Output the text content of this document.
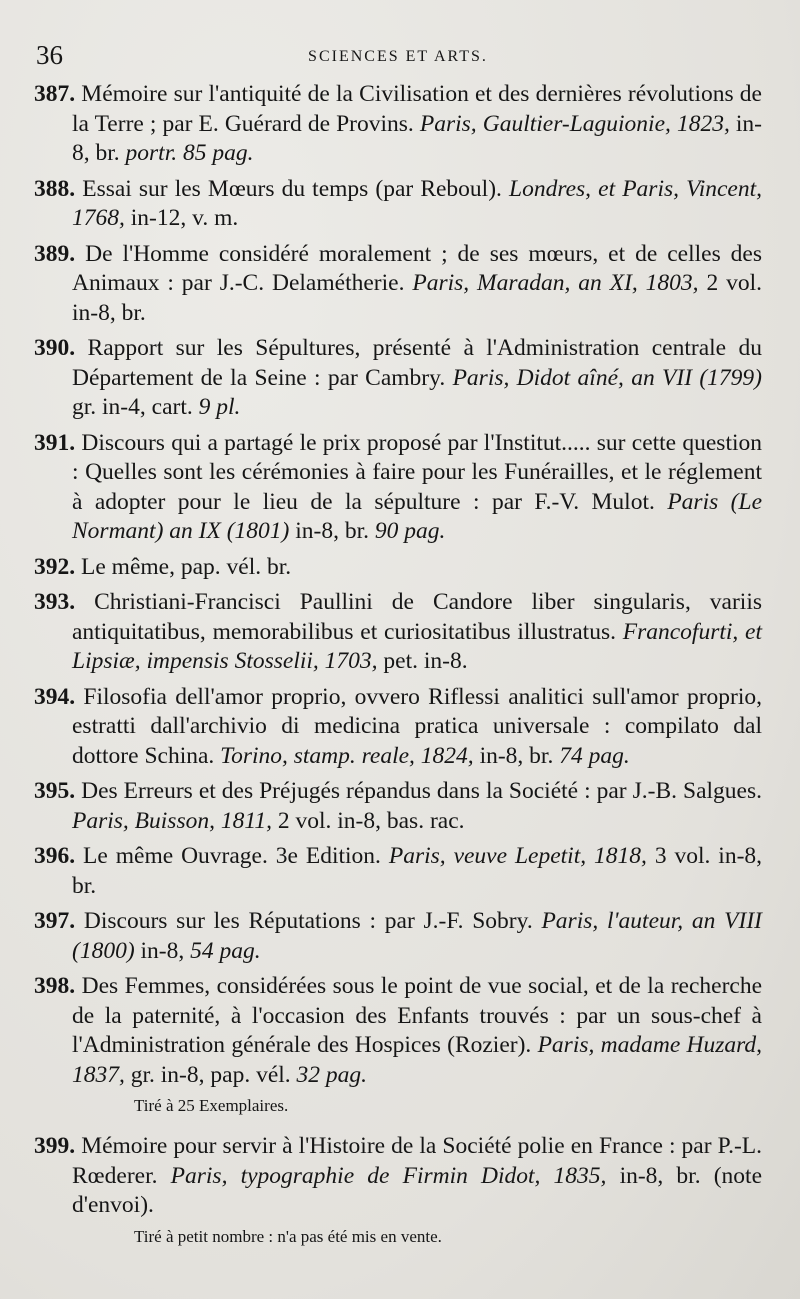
36	SCIENCES ET ARTS.

387. Mémoire sur l'antiquité de la Civilisation et des dernières révolutions de la Terre ; par E. Guérard de Provins. Paris, Gaultier-Laguionie, 1823, in-8, br. portr. 85 pag.

388. Essai sur les Mœurs du temps (par Reboul). Londres, et Paris, Vincent, 1768, in-12, v. m.

389. De l'Homme considéré moralement ; de ses mœurs, et de celles des Animaux : par J.-C. Delamétherie. Paris, Maradan, an XI, 1803, 2 vol. in-8, br.

390. Rapport sur les Sépultures, présenté à l'Administration centrale du Département de la Seine : par Cambry. Paris, Didot aîné, an VII (1799) gr. in-4, cart. 9 pl.

391. Discours qui a partagé le prix proposé par l'Institut..... sur cette question : Quelles sont les cérémonies à faire pour les Funérailles, et le réglement à adopter pour le lieu de la sépulture : par F.-V. Mulot. Paris (Le Normant) an IX (1801) in-8, br. 90 pag.

392. Le même, pap. vél. br.

393. Christiani-Francisci Paullini de Candore liber singularis, variis antiquitatibus, memorabilibus et curiositatibus illustratus. Francofurti, et Lipsiæ, impensis Stosselii, 1703, pet. in-8.

394. Filosofia dell'amor proprio, ovvero Riflessi analitici sull'amor proprio, estratti dall'archivio di medicina pratica universale : compilato dal dottore Schina. Torino, stamp. reale, 1824, in-8, br. 74 pag.

395. Des Erreurs et des Préjugés répandus dans la Société : par J.-B. Salgues. Paris, Buisson, 1811, 2 vol. in-8, bas. rac.

396. Le même Ouvrage. 3e Edition. Paris, veuve Lepetit, 1818, 3 vol. in-8, br.

397. Discours sur les Réputations : par J.-F. Sobry. Paris, l'auteur, an VIII (1800) in-8, 54 pag.

398. Des Femmes, considérées sous le point de vue social, et de la recherche de la paternité, à l'occasion des Enfants trouvés : par un sous-chef à l'Administration générale des Hospices (Rozier). Paris, madame Huzard, 1837, gr. in-8, pap. vél. 32 pag.

Tiré à 25 Exemplaires.

399. Mémoire pour servir à l'Histoire de la Société polie en France : par P.-L. Rœderer. Paris, typographie de Firmin Didot, 1835, in-8, br. (note d'envoi).

Tiré à petit nombre : n'a pas été mis en vente.
